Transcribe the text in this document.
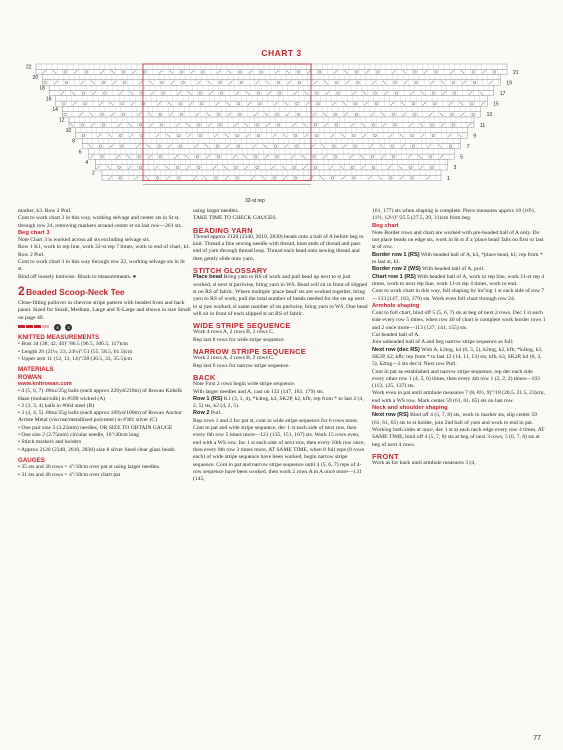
CHART 3
22
20
18
16
14
12
10
8
6
4
2
21
19
17
15
13
11
9
7
5
3
1
32-st rep

marker, k3. Row 2 Purl.

Cont to work chart 2 in this way, working selvage and center sts in St st, through row 24, removing markers around center st on last row—261 sts.

Beg chart 3

Note Chart 3 is worked across all sts excluding selvage sts.

Row 1 K1, work to rep line, work 32-st rep 7 times, work to end of chart, k1. Row 2 Purl.

Cont to work chart 3 in this way through row 22, working selvage sts in St st.

Bind off loosely knitwise. Block to measurements. ●

2 Beaded Scoop-Neck Tee

Close-fitting pullover in chevron stripe pattern with beaded front and back panel. Sized for Small, Medium, Large and X-Large and shown in size Small on page 49.

4	4
KNITTED MEASUREMENTS

• Bust 34 (38, 42, 46)"/86.5 (96.5, 106.5, 117)cm

• Length 20 (21¼, 23, 24¼)"/51 (55, 58.5, 61.5)cm

• Upper arm 11 (12, 13, 14)"/28 (30.5, 33, 35.5)cm

MATERIALS
ROWAN

www.knitrowan.com

• 4 (5, 6, 7) .88oz/25g balls (each approx 229yd/210m) of Rowan Kidsilk Haze (mohair/silk) in #599 wicked (A)

• 2 (3, 3, 4) balls in #664 steel (B)

• 3 (4, 4, 5) .88oz/25g balls (each approx 109yd/100m) of Rowan Anchor Artiste Metal (viscose/metallized polyester) in #301 silver (C)

• One pair size 3 (3.25mm) needles, OR SIZE TO OBTAIN GAUGE

• One size 2 (2.75mm) circular needle, 16"/40cm long

• Stitch markers and holders

• Approx 2120 (2340, 2610, 2830) size 8 silver lined clear glass beads

GAUGES

• 35 sts and 36 rows = 4"/10cm over pat st using larger needles.

• 31 sts and 46 rows = 4"/10cm over chart pat

using larger needles.

TAKE TIME TO CHECK GAUGES.

BEADING YARN

Thread approx 2120 (2340, 2610, 2830) beads onto a ball of A before beg to knit. Thread a fine sewing needle with thread, knot ends of thread and pass end of yarn through thread loop. Thread each bead onto sewing thread and then gently slide onto yarn.

STITCH GLOSSARY

Place bead Bring yarn to RS of work and pull bead up next to st just worked, sl next st purlwise, bring yarn to WS. Bead will sit in front of slipped st on RS of fabric. Where multiple 'place bead' sts are worked together, bring yarn to RS of work, pull the total number of beads needed for the sts up next to st just worked, sl same number of sts purlwise, bring yarn to WS. One bead will sit in front of each slipped st on RS of fabric.

WIDE STRIPE SEQUENCE

Work 4 rows A, 2 rows B, 2 rows C.

Rep last 8 rows for wide stripe sequence.

NARROW STRIPE SEQUENCE

Work 2 rows A, 2 rows B, 2 rows C.

Rep last 6 rows for narrow stripe sequence.

BACK

Note First 2 rows begin wide stripe sequence.

With larger needles and A, cast on 133 (147, 163, 179) sts.

Row 1 (RS) K1 (3, 1, 4), *k4tog, k3, SK2P, k2, kfb; rep from * to last 2 (4, 2, 5) sts, k2 (4, 2, 5).

Row 2 Purl.

Rep rows 1 and 2 for pat st, cont in wide stripe sequence for 6 rows more.

Cont in pat and wide stripe sequence, dec 1 st each side of next row, then every 6th row 5 times more—121 (135, 151, 167) sts. Work 15 rows even, end with a WS row. Inc 1 st each side of next row, then every 10th row once, then every 8th row 3 times more, AT SAME TIME, when 8 full reps (8 rows each) of wide stripe sequence have been worked, begin narrow stripe sequence. Cont in pat and narrow stripe sequence until 4 (5, 6, 7) reps of 4-row sequence have been worked, then work 2 rows A in A once more—131 (145,

161, 177) sts when shaping is complete. Piece measures approx 10 (10½, 11½, 12½)"/25.5 (27.5, 29, 31)cm from beg.

Beg chart

Note Border rows and chart are worked with pre-beaded ball of A only. Do not place beads on edge sts, work in St st if a 'place bead' falls on first or last st of row.

Border row 1 (RS) With beaded ball of A, k3, *place bead, k1; rep from * to last st, k1.

Border row 2 (WS) With beaded ball of A, purl.

Chart row 1 (RS) With beaded ball of A, work to rep line, work 11-st rep 4 times, work to next rep line, work 11-st rep 4 times, work to end.

Cont to work chart in this way, foll shaping by inc'ing 1 st each side of row 7—133 (147, 163, 179) sts. Work even foll chart through row 24.

Armhole shaping

Cont to foll chart, bind off 5 (5, 6, 7) sts at beg of next 2 rows. Dec 1 st each side every row 5 times, when row 40 of chart is complete work border rows 1 and 2 once more—113 (127, 141, 155) sts.

Cut beaded ball of A.

Join unbeaded ball of A and beg narrow stripe sequence as foll:

Next row (dec RS) With A, k2tog, k4 (6, 3, 5), k2tog, k2, kfb, *k4tog, k3, SK2P, k2, kfb; rep from * to last 12 (14, 11, 13) sts, kfb, k3, SK2P, k4 (6, 3, 5), k2tog—2 sts dec'd. Next row Purl.

Cont in pat as established and narrow stripe sequence, rep dec each side every other row 1 (4, 5, 6) times, then every 4th row 1 (2, 2, 2) times—103 (113, 125, 137) sts.

Work even in pat until armhole measures 7 (8, 8½, 9)"/18 (20.5, 21.5, 23)cm, end with a WS row. Mark center 59 (61, 61, 65) sts on last row.

Neck and shoulder shaping

Next row (RS) Bind off 4 (5, 7, 8) sts, work to marker sts, slip center 59 (61, 61, 65) sts to st holder, join 2nd ball of yarn and work to end in pat. Working both sides at once, dec 1 st at each neck edge every row 4 times, AT SAME TIME, bind off 4 (5, 7, 8) sts at beg of next 3 rows, 5 (6, 7, 8) sts at beg of next 4 rows.

FRONT

Work as for back until armhole measures 3 (4,

77
